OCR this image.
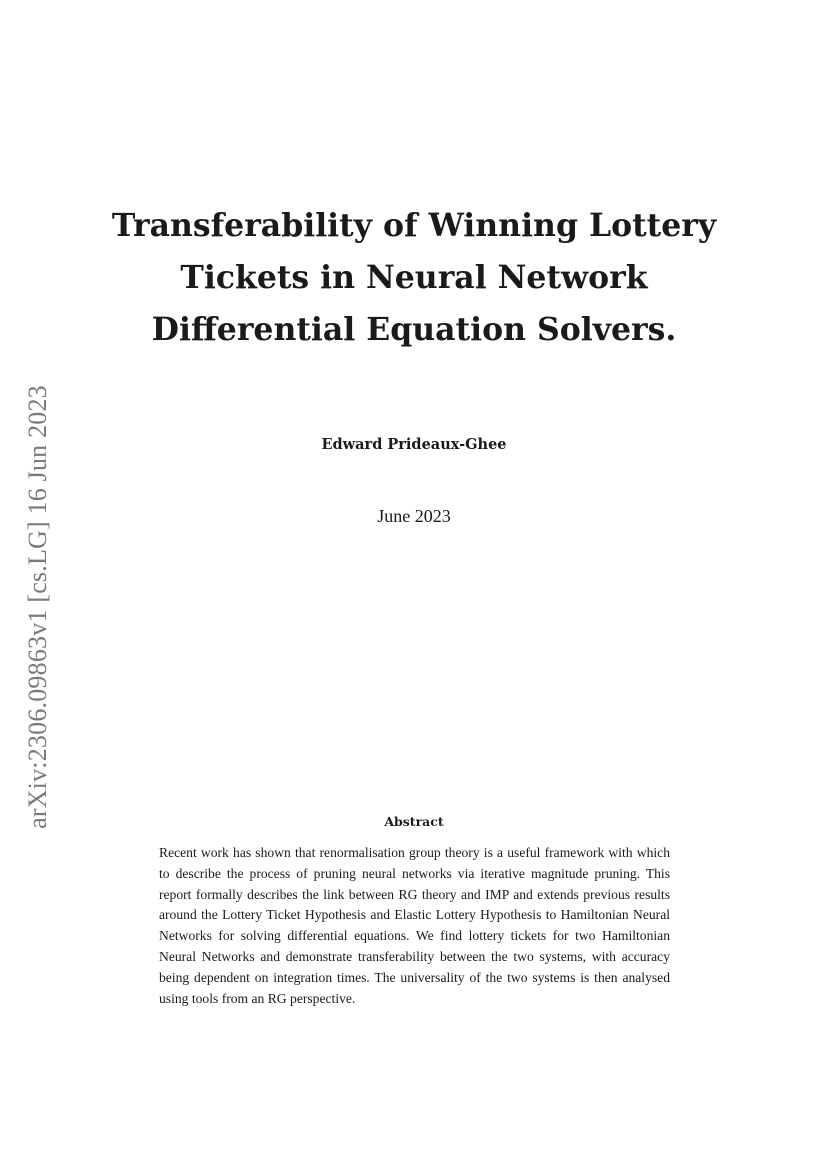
arXiv:2306.09863v1 [cs.LG] 16 Jun 2023
Transferability of Winning Lottery
Tickets in Neural Network
Differential Equation Solvers.
Edward Prideaux-Ghee
June 2023
Abstract

Recent work has shown that renormalisation group theory is a useful framework with which to describe the process of pruning neural networks via iterative magnitude pruning. This report formally describes the link between RG theory and IMP and extends previous results around the Lottery Ticket Hypothesis and Elastic Lottery Hypothesis to Hamiltonian Neural Networks for solving differential equations. We find lottery tickets for two Hamiltonian Neural Networks and demonstrate transferability between the two systems, with accuracy being dependent on integration times. The universality of the two systems is then analysed using tools from an RG perspective.
